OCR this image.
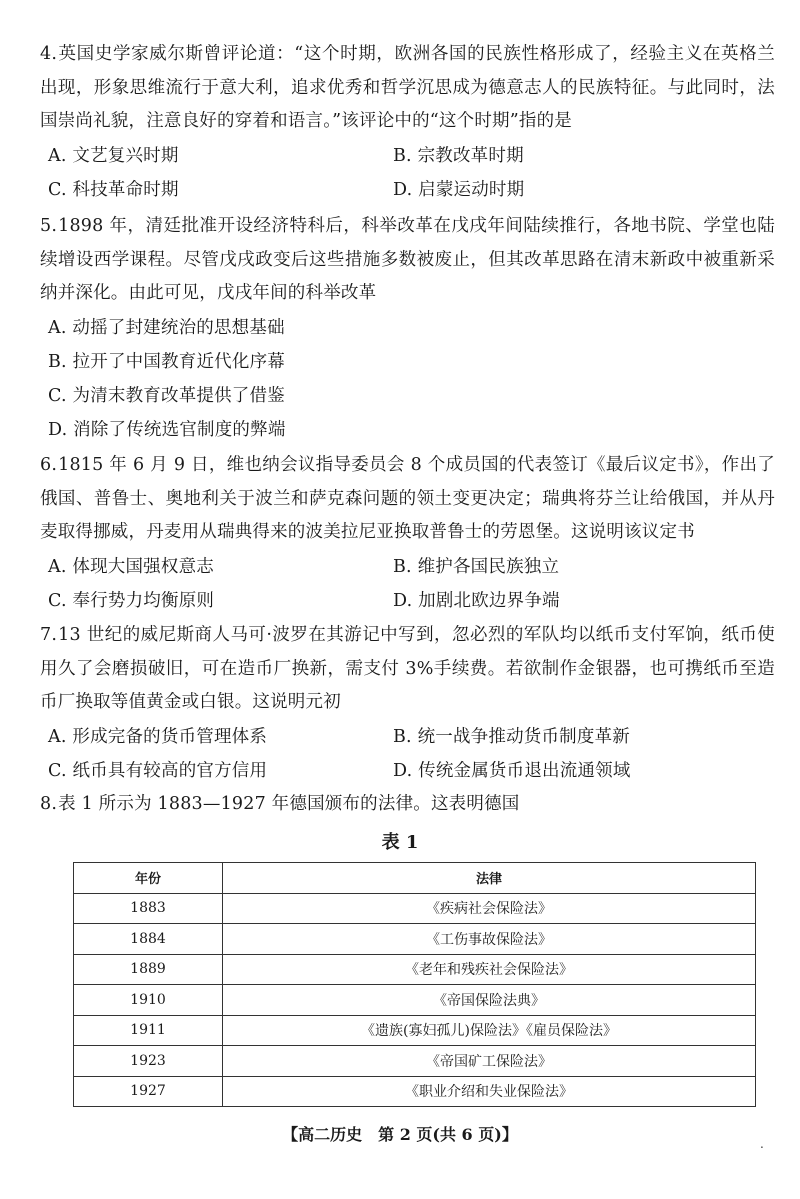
4.英国史学家威尔斯曾评论道：“这个时期，欧洲各国的民族性格形成了，经验主义在英格兰出现，形象思维流行于意大利，追求优秀和哲学沉思成为德意志人的民族特征。与此同时，法国崇尚礼貌，注意良好的穿着和语言。”该评论中的“这个时期”指的是

A. 文艺复兴时期	B. 宗教改革时期
C. 科技革命时期	D. 启蒙运动时期

5.1898 年，清廷批准开设经济特科后，科举改革在戊戌年间陆续推行，各地书院、学堂也陆续增设西学课程。尽管戊戌政变后这些措施多数被废止，但其改革思路在清末新政中被重新采纳并深化。由此可见，戊戌年间的科举改革

A. 动摇了封建统治的思想基础
B. 拉开了中国教育近代化序幕
C. 为清末教育改革提供了借鉴
D. 消除了传统选官制度的弊端

6.1815 年 6 月 9 日，维也纳会议指导委员会 8 个成员国的代表签订《最后议定书》，作出了俄国、普鲁士、奥地利关于波兰和萨克森问题的领土变更决定；瑞典将芬兰让给俄国，并从丹麦取得挪威，丹麦用从瑞典得来的波美拉尼亚换取普鲁士的劳恩堡。这说明该议定书

A. 体现大国强权意志	B. 维护各国民族独立
C. 奉行势力均衡原则	D. 加剧北欧边界争端

7.13 世纪的威尼斯商人马可·波罗在其游记中写到，忽必烈的军队均以纸币支付军饷，纸币使用久了会磨损破旧，可在造币厂换新，需支付 3%手续费。若欲制作金银器，也可携纸币至造币厂换取等值黄金或白银。这说明元初

A. 形成完备的货币管理体系	B. 统一战争推动货币制度革新
C. 纸币具有较高的官方信用	D. 传统金属货币退出流通领域

8.表 1 所示为 1883—1927 年德国颁布的法律。这表明德国

表 1
年份	法律
1883	《疾病社会保险法》
1884	《工伤事故保险法》
1889	《老年和残疾社会保险法》
1910	《帝国保险法典》
1911	《遗族(寡妇孤儿)保险法》《雇员保险法》
1923	《帝国矿工保险法》
1927	《职业介绍和失业保险法》
【高二历史　第 2 页(共 6 页)】	.
